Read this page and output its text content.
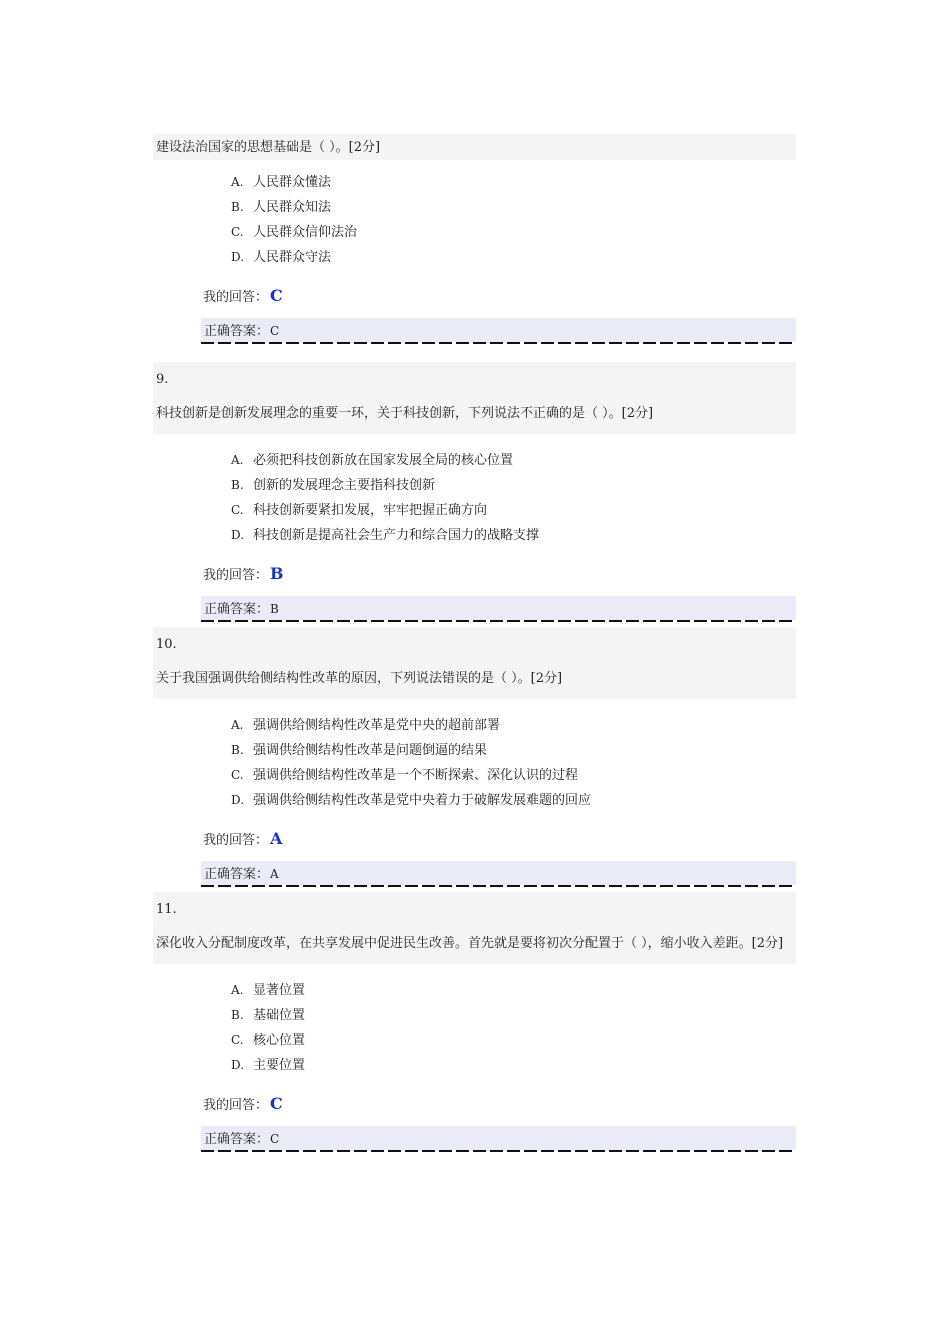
建设法治国家的思想基础是（ ）。[2分]
A. 人民群众懂法
B. 人民群众知法
C. 人民群众信仰法治
D. 人民群众守法
我的回答： C
正确答案：C
9.
科技创新是创新发展理念的重要一环，关于科技创新，下列说法不正确的是（ ）。[2分]
A. 必须把科技创新放在国家发展全局的核心位置
B. 创新的发展理念主要指科技创新
C. 科技创新要紧扣发展，牢牢把握正确方向
D. 科技创新是提高社会生产力和综合国力的战略支撑
我的回答： B
正确答案：B
10.
关于我国强调供给侧结构性改革的原因，下列说法错误的是（ ）。[2分]
A. 强调供给侧结构性改革是党中央的超前部署
B. 强调供给侧结构性改革是问题倒逼的结果
C. 强调供给侧结构性改革是一个不断探索、深化认识的过程
D. 强调供给侧结构性改革是党中央着力于破解发展难题的回应
我的回答： A
正确答案：A
11.
深化收入分配制度改革，在共享发展中促进民生改善。首先就是要将初次分配置于（ ），缩小收入差距。[2分]
A. 显著位置
B. 基础位置
C. 核心位置
D. 主要位置
我的回答： C
正确答案：C
